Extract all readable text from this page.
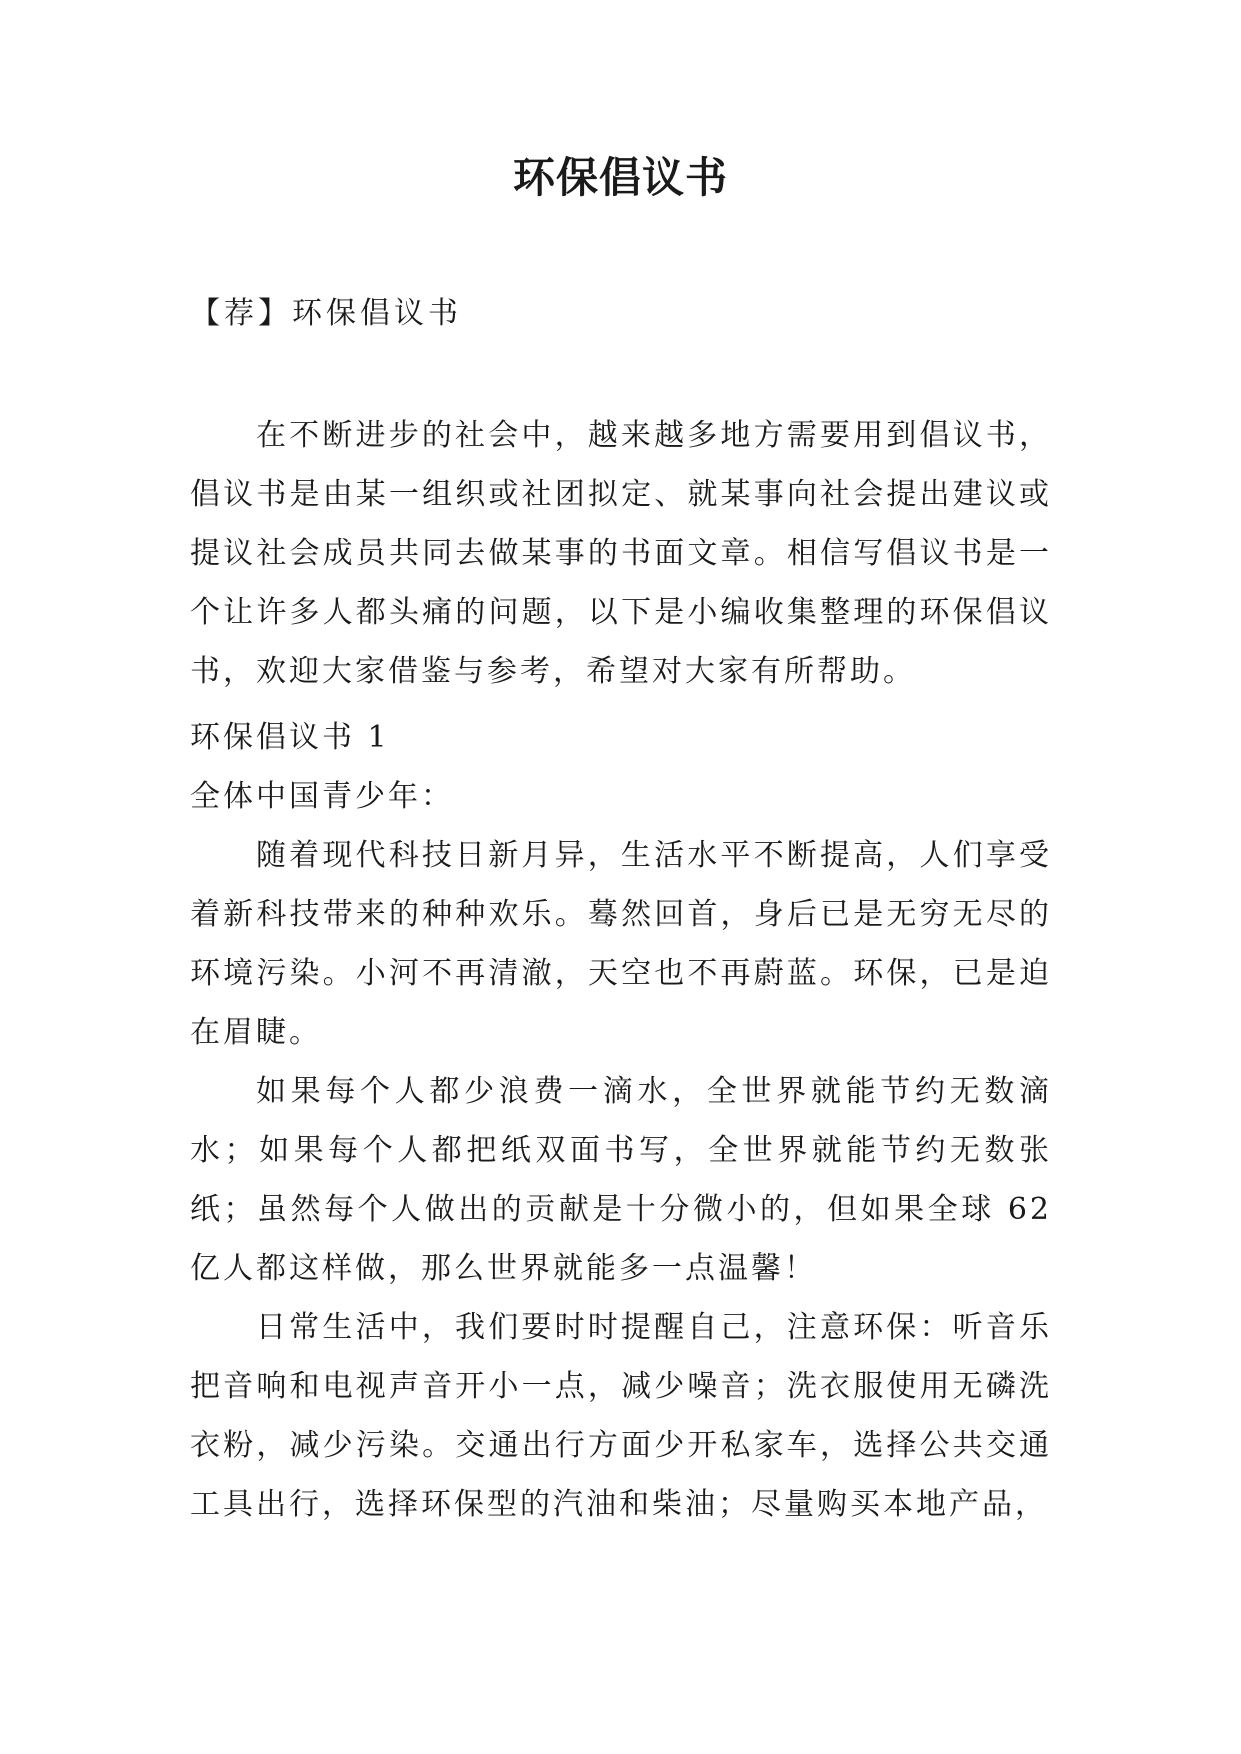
环保倡议书

【荐】环保倡议书

在不断进步的社会中，越来越多地方需要用到倡议书，倡议书是由某一组织或社团拟定、就某事向社会提出建议或提议社会成员共同去做某事的书面文章。相信写倡议书是一个让许多人都头痛的问题，以下是小编收集整理的环保倡议书，欢迎大家借鉴与参考，希望对大家有所帮助。

环保倡议书 1

全体中国青少年：

随着现代科技日新月异，生活水平不断提高，人们享受着新科技带来的种种欢乐。蓦然回首，身后已是无穷无尽的环境污染。小河不再清澈，天空也不再蔚蓝。环保，已是迫在眉睫。

如果每个人都少浪费一滴水，全世界就能节约无数滴水；如果每个人都把纸双面书写，全世界就能节约无数张纸；虽然每个人做出的贡献是十分微小的，但如果全球 62 亿人都这样做，那么世界就能多一点温馨！

日常生活中，我们要时时提醒自己，注意环保：听音乐把音响和电视声音开小一点，减少噪音；洗衣服使用无磷洗衣粉，减少污染。交通出行方面少开私家车，选择公共交通工具出行，选择环保型的汽油和柴油；尽量购买本地产品，
